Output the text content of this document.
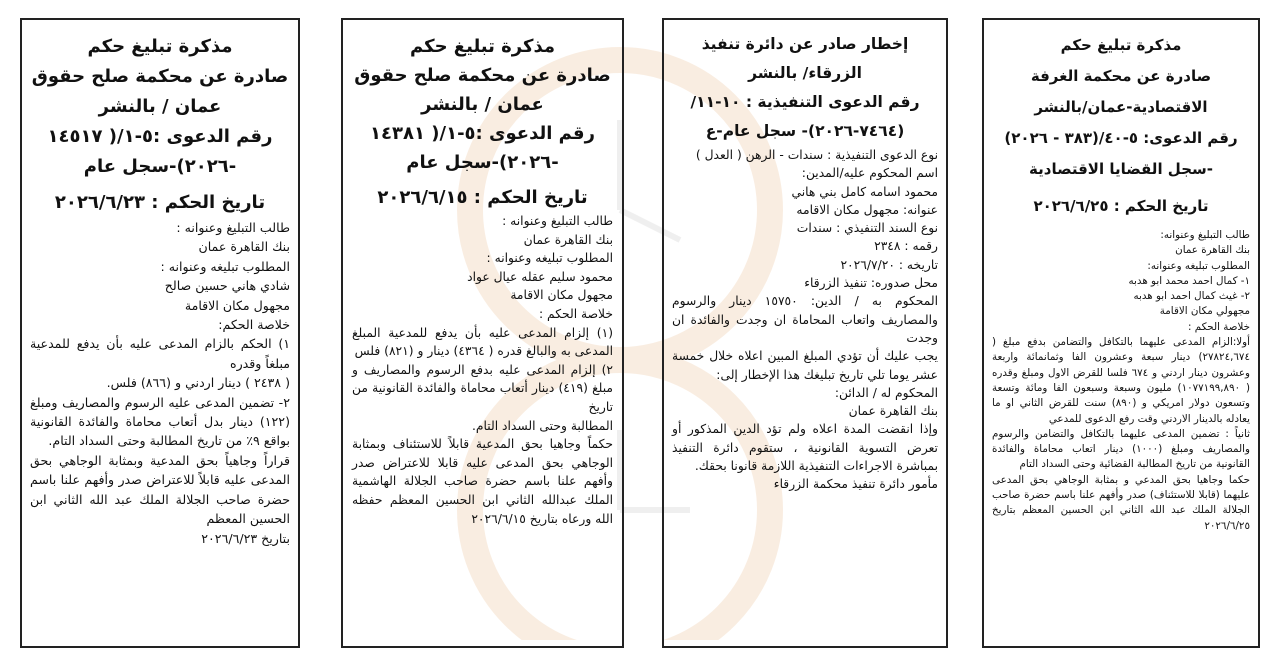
مذكرة تبليغ حكم
صادرة عن محكمة الغرفة
الاقتصادية-عمان/بالنشر
رقم الدعوى: ٥-٤٠/(٣٨٣ - ٢٠٢٦)
-سجل القضايا الاقتصادية
تاريخ الحكم : ٢٠٢٦/٦/٢٥
طالب التبليغ وعنوانه:
بنك القاهرة عمان
المطلوب تبليغه وعنوانه:
١- كمال احمد محمد ابو هدبه
٢- غيث كمال احمد ابو هدبه
مجهولي مكان الاقامة
خلاصة الحكم :
أولا:الزام المدعى عليهما بالتكافل والتضامن بدفع مبلغ ( ٢٧٨٢٤,٦٧٤) دينار سبعة وعشرون الفا وثمانمائة واربعة وعشرون دينار اردني و ٦٧٤ فلسا للقرض الاول ومبلغ وقدره ( ١٠٧٧١٩٩,٨٩٠) مليون وسبعة وسبعون الفا ومائة وتسعة وتسعون دولار امريكي و (٨٩٠) سنت للقرض الثاني او ما يعادله بالدينار الاردني وقت رفع الدعوى للمدعي
ثانياً : تضمين المدعى عليهما بالتكافل والتضامن والرسوم والمصاريف ومبلغ (١٠٠٠) دينار اتعاب محاماة والفائدة القانونية من تاريخ المطالبة القضائية وحتى السداد التام
حكما وجاهيا بحق المدعي و بمثابة الوجاهي بحق المدعى عليهما (قابلا للاستئناف) صدر وأفهم علنا باسم حضرة صاحب الجلالة الملك عبد الله الثاني ابن الحسين المعظم بتاريخ ٢٠٢٦/٦/٢٥
إخطار صادر عن دائرة تنفيذ
الزرقاء/ بالنشر
رقم الدعوى التنفيذية : ١٠-١١/
(٧٤٦٤-٢٠٢٦)- سجل عام-ع
نوع الدعوى التنفيذية : سندات - الرهن ( العدل )
اسم المحكوم عليه/المدين:
محمود اسامه كامل بني هاني
عنوانه: مجهول مكان الاقامه
نوع السند التنفيذي : سندات
رقمه : ٢٣٤٨
تاريخه : ٢٠٢٦/٧/٢٠
محل صدوره: تنفيذ الزرقاء
المحكوم به / الدين: ١٥٧٥٠ دينار والرسوم والمصاريف واتعاب المحاماة ان وجدت والفائدة ان وجدت
يجب عليك أن تؤدي المبلغ المبين اعلاه خلال خمسة عشر يوما تلي تاريخ تبليغك هذا الإخطار إلى:
المحكوم له / الدائن:
بنك القاهرة عمان
وإذا انقضت المدة اعلاه ولم تؤد الدين المذكور أو تعرض التسوية القانونية ، ستقوم دائرة التنفيذ بمباشرة الاجراءات التنفيذية اللازمة قانونا بحقك.
مأمور دائرة تنفيذ محكمة الزرقاء
مذكرة تبليغ حكم
صادرة عن محكمة صلح حقوق
عمان / بالنشر
رقم الدعوى :٥-١/( ١٤٣٨١
-٢٠٢٦)-سجل عام
تاريخ الحكم : ٢٠٢٦/٦/١٥
طالب التبليغ وعنوانه :
بنك القاهرة عمان
المطلوب تبليغه وعنوانه :
محمود سليم عقله عيال عواد
مجهول مكان الاقامة
خلاصة الحكم :
(١) إلزام المدعى عليه بأن يدفع للمدعية المبلغ المدعى به والبالغ قدره ( ٤٣٦٤) دينار و (٨٢١) فلس
٢) إلزام المدعى عليه بدفع الرسوم والمصاريف و مبلغ (٤١٩) دينار أتعاب محاماة والفائدة القانونية من تاريخ
المطالبة وحتى السداد التام.
حكماً وجاهيا بحق المدعية قابلاً للاستئناف وبمثابة الوجاهي بحق المدعى عليه قابلا للاعتراض صدر وأفهم علنا باسم حضرة صاحب الجلالة الهاشمية الملك عبدالله الثاني ابن الحسين المعظم حفظه الله ورعاه بتاريخ ٢٠٢٦/٦/١٥
مذكرة تبليغ حكم
صادرة عن محكمة صلح حقوق
عمان / بالنشر
رقم الدعوى :٥-١/( ١٤٥١٧
-٢٠٢٦)-سجل عام
تاريخ الحكم : ٢٠٢٦/٦/٢٣
طالب التبليغ وعنوانه :
بنك القاهرة عمان
المطلوب تبليغه وعنوانه :
شادي هاني حسين صالح
مجهول مكان الاقامة
خلاصة الحكم:
١) الحكم بالزام المدعى عليه بأن يدفع للمدعية مبلغاً وقدره
( ٢٤٣٨ ) دينار اردني و (٨٦٦) فلس.
٢- تضمين المدعى عليه الرسوم والمصاريف ومبلغ (١٢٢) دينار بدل أتعاب محاماة والفائدة القانونية بواقع ٩٪ من تاريخ المطالبة وحتى السداد التام.
قراراً وجاهياً بحق المدعية وبمثابة الوجاهي بحق المدعى عليه قابلاً للاعتراض صدر وأفهم علنا باسم حضرة صاحب الجلالة الملك عبد الله الثاني ابن الحسين المعظم
بتاريخ ٢٠٢٦/٦/٢٣
